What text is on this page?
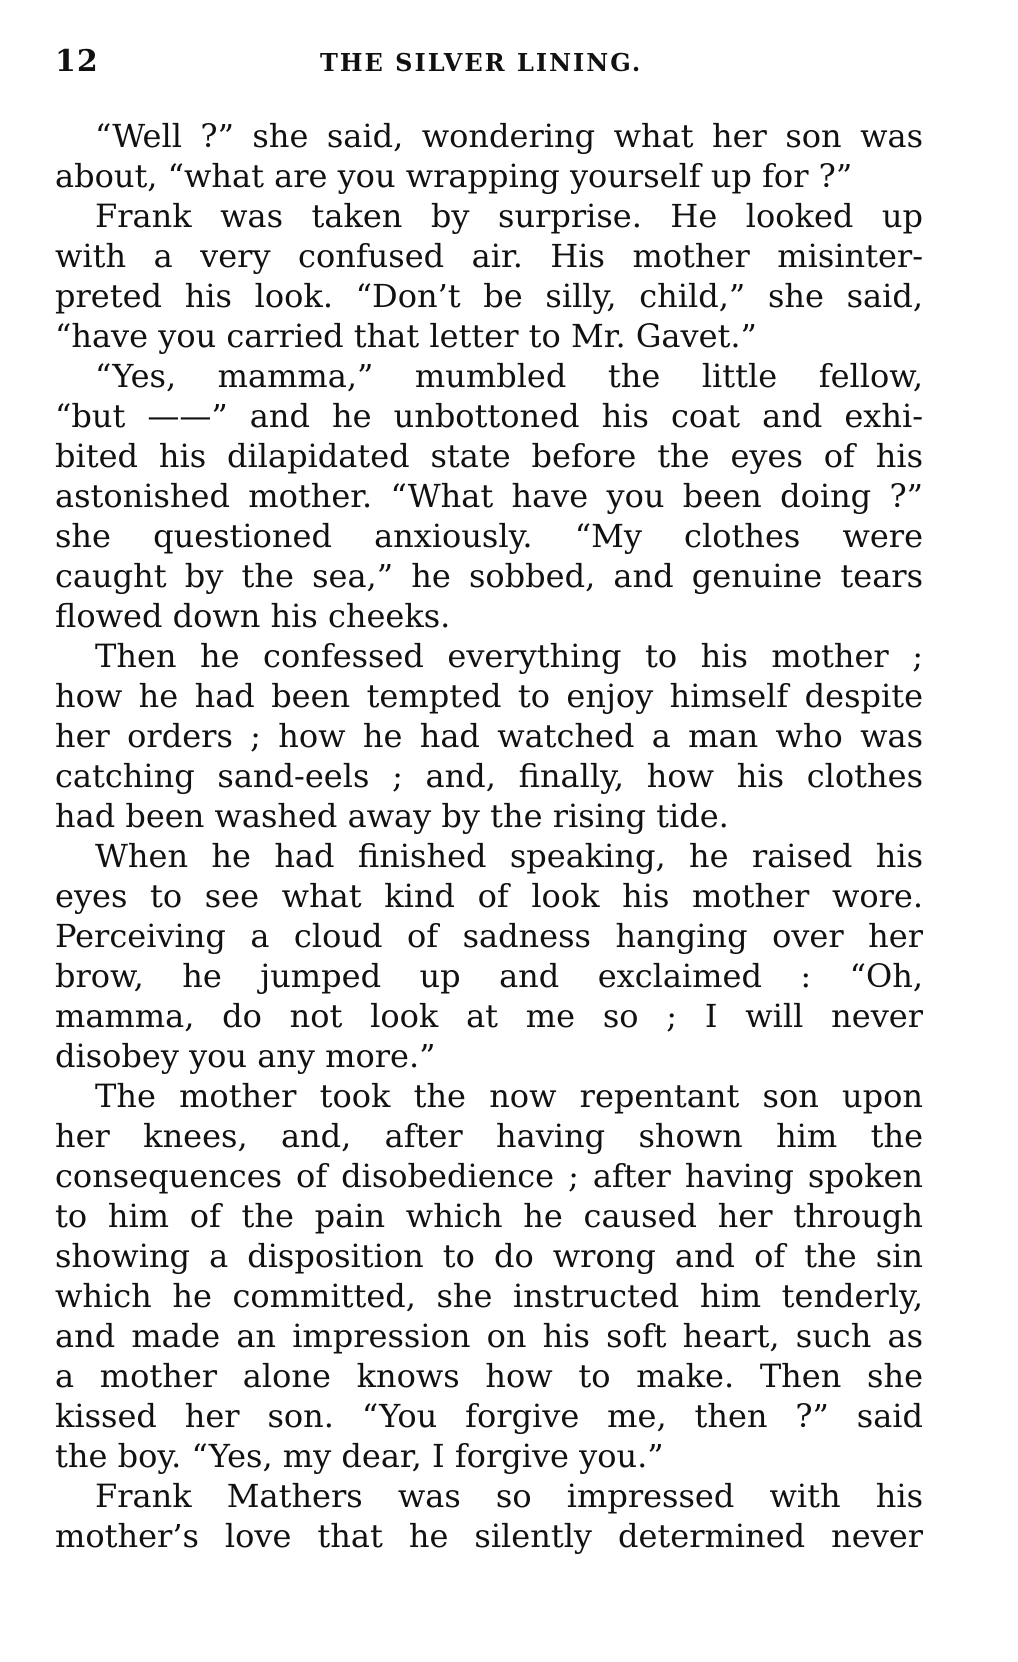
12	THE SILVER LINING.
“Well ?” she said, wondering what her son was
about, “what are you wrapping yourself up for ?”
Frank was taken by surprise. He looked up
with a very confused air. His mother misinter-
preted his look. “Don’t be silly, child,” she said,
“have you carried that letter to Mr. Gavet.”
“Yes, mamma,” mumbled the little fellow,
“but ——” and he unbottoned his coat and exhi-
bited his dilapidated state before the eyes of his
astonished mother. “What have you been doing ?”
she questioned anxiously. “My clothes were
caught by the sea,” he sobbed, and genuine tears
flowed down his cheeks.
Then he confessed everything to his mother ;
how he had been tempted to enjoy himself despite
her orders ; how he had watched a man who was
catching sand-eels ; and, finally, how his clothes
had been washed away by the rising tide.
When he had finished speaking, he raised his
eyes to see what kind of look his mother wore.
Perceiving a cloud of sadness hanging over her
brow, he jumped up and exclaimed : “Oh,
mamma, do not look at me so ; I will never
disobey you any more.”
The mother took the now repentant son upon
her knees, and, after having shown him the
consequences of disobedience ; after having spoken
to him of the pain which he caused her through
showing a disposition to do wrong and of the sin
which he committed, she instructed him tenderly,
and made an impression on his soft heart, such as
a mother alone knows how to make. Then she
kissed her son. “You forgive me, then ?” said
the boy. “Yes, my dear, I forgive you.”
Frank Mathers was so impressed with his
mother’s love that he silently determined never
